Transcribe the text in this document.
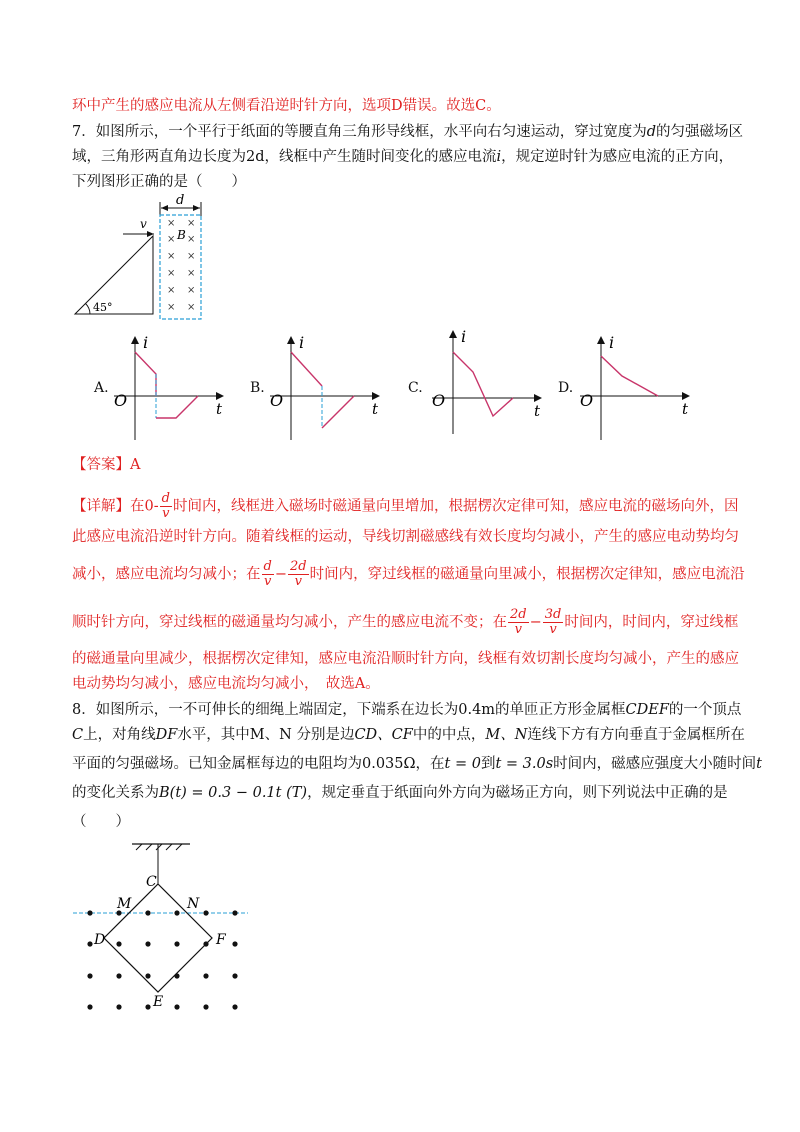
环中产生的感应电流从左侧看沿逆时针方向，选项D错误。故选C。
7．如图所示，一个平行于纸面的等腰直角三角形导线框，水平向右匀速运动，穿过宽度为d的匀强磁场区
域，三角形两直角边长度为2d，线框中产生随时间变化的感应电流i，规定逆时针为感应电流的正方向，
下列图形正确的是（　　）
d
× ×
× ×
× ×
× ×
× ×
× ×
B
v
45°
A.
i
t
O
B.
i
t
O
C.
i
t
O
D.
i
t
O
【答案】A
【详解】在$0- \frac{d}{v}$ 时间内，线框进入磁场时磁通量向里增加，根据楞次定律可知，感应电流的磁场向外，因
此感应电流沿逆时针方向。随着线框的运动，导线切割磁感线有效长度均匀减小，产生的感应电动势均匀
减小，感应电流均匀减小；在 $\frac{d}{v} - \frac{2d}{v}$ 时间内，穿过线框的磁通量向里减小，根据楞次定律知，感应电流沿
顺时针方向，穿过线框的磁通量均匀减小，产生的感应电流不变；在 $\frac{2d}{v} - \frac{3d}{v}$ 时间内，时间内，穿过线框
的磁通量向里减少，根据楞次定律知，感应电流沿顺时针方向，线框有效切割长度均匀减小，产生的感应
电动势均匀减小，感应电流均匀减小，　故选A。
8．如图所示，一不可伸长的细绳上端固定，下端系在边长为0.4m的单匝正方形金属框CDEF的一个顶点
C上，对角线DF水平，其中M、N 分别是边CD、CF中的中点，M、N连线下方有方向垂直于金属框所在
平面的匀强磁场。已知金属框每边的电阻均为0.035Ω，在t = 0到t = 3.0s时间内，磁感应强度大小随时间t
的变化关系为B(t) = 0.3 − 0.1t (T)，规定垂直于纸面向外方向为磁场正方向，则下列说法中正确的是
（　　）
C
M	N
D	F
E
